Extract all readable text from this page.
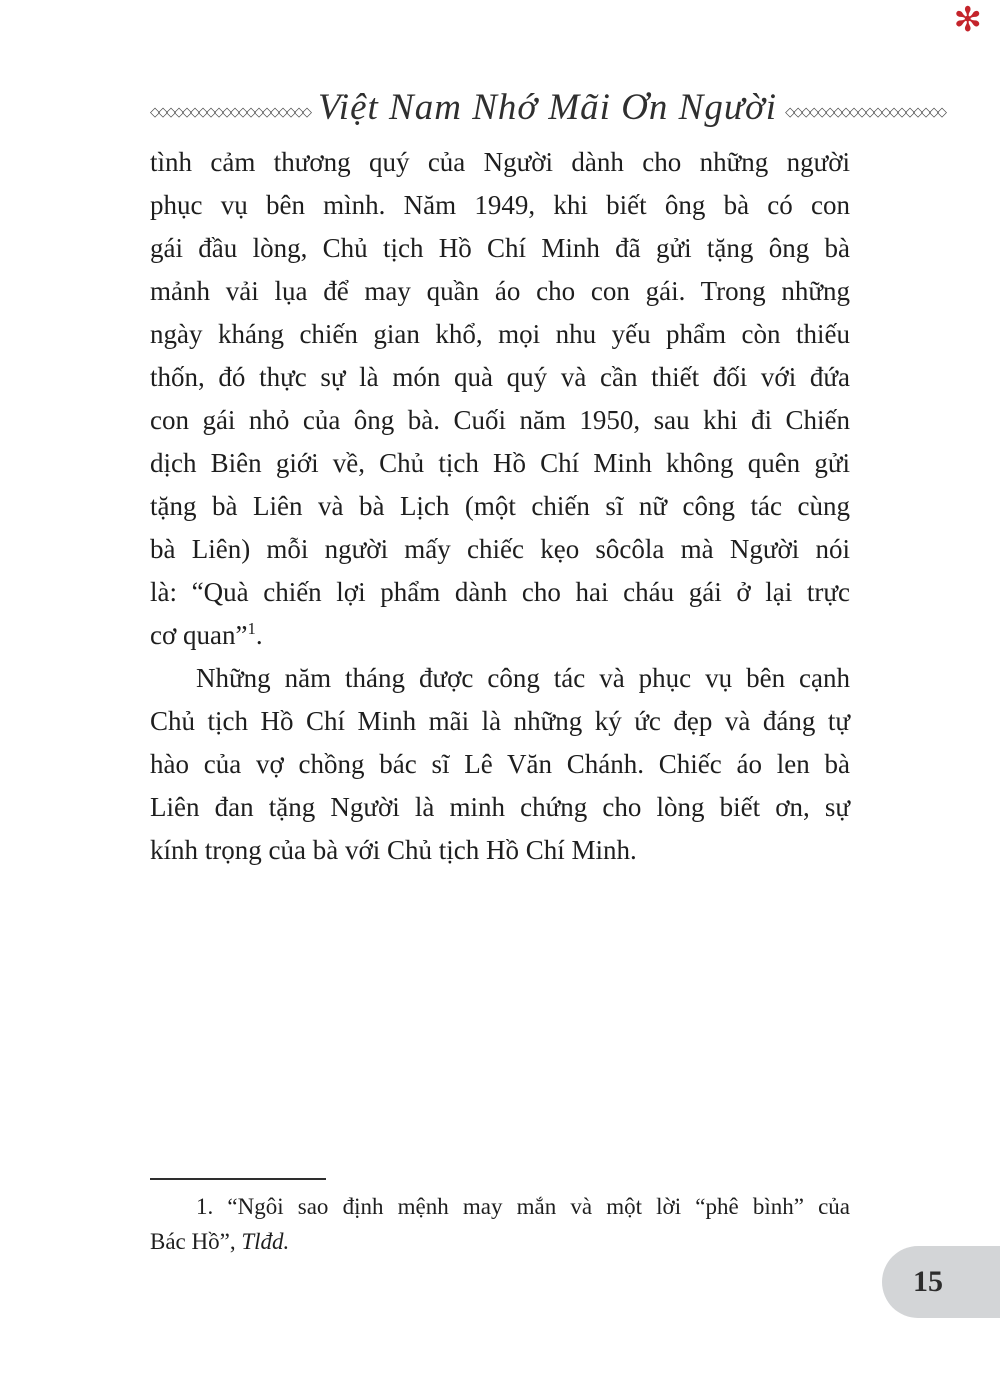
✻
◇◇◇◇◇◇◇◇◇◇◇◇◇◇◇◇◇◇◇◇ Việt Nam Nhớ Mãi Ơn Người ◇◇◇◇◇◇◇◇◇◇◇◇◇◇◇◇◇◇◇◇
tình cảm thương quý của Người dành cho những người
phục vụ bên mình. Năm 1949, khi biết ông bà có con
gái đầu lòng, Chủ tịch Hồ Chí Minh đã gửi tặng ông bà
mảnh vải lụa để may quần áo cho con gái. Trong những
ngày kháng chiến gian khổ, mọi nhu yếu phẩm còn thiếu
thốn, đó thực sự là món quà quý và cần thiết đối với đứa
con gái nhỏ của ông bà. Cuối năm 1950, sau khi đi Chiến
dịch Biên giới về, Chủ tịch Hồ Chí Minh không quên gửi
tặng bà Liên và bà Lịch (một chiến sĩ nữ công tác cùng
bà Liên) mỗi người mấy chiếc kẹo sôcôla mà Người nói
là: “Quà chiến lợi phẩm dành cho hai cháu gái ở lại trực
cơ quan”$^1$.
Những năm tháng được công tác và phục vụ bên cạnh
Chủ tịch Hồ Chí Minh mãi là những ký ức đẹp và đáng tự
hào của vợ chồng bác sĩ Lê Văn Chánh. Chiếc áo len bà
Liên đan tặng Người là minh chứng cho lòng biết ơn, sự
kính trọng của bà với Chủ tịch Hồ Chí Minh.
1. “Ngôi sao định mệnh may mắn và một lời “phê bình” của
Bác Hồ”, Tlđd.
15
